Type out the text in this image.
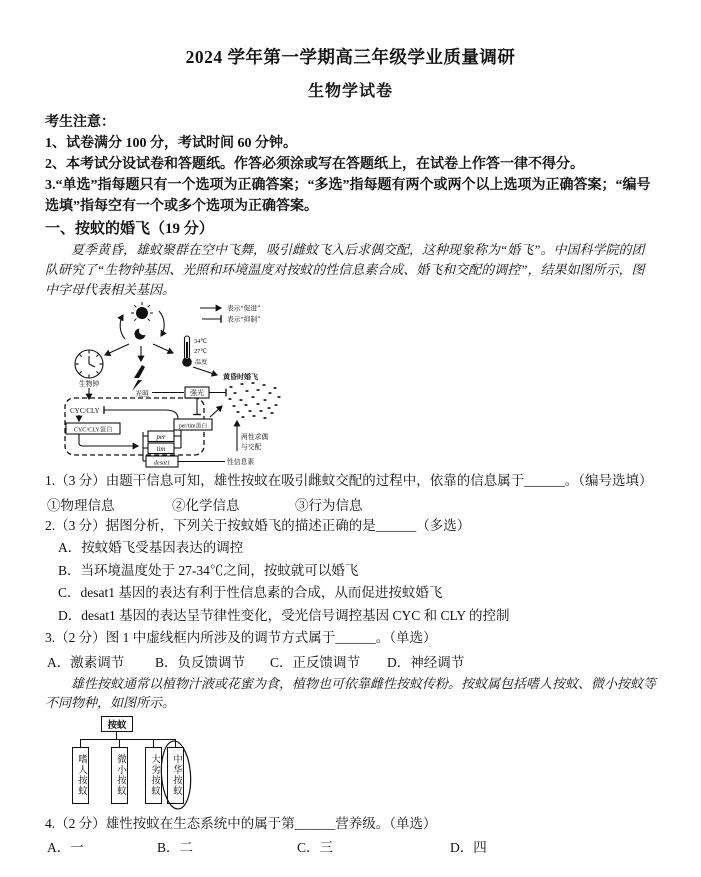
2024 学年第一学期高三年级学业质量调研
生物学试卷
考生注意：
1、试卷满分 100 分，考试时间 60 分钟。
2、本考试分设试卷和答题纸。作答必须涂或写在答题纸上，在试卷上作答一律不得分。
3.“单选”指每题只有一个选项为正确答案；“多选”指每题有两个或两个以上选项为正确答案；“编号选填”指每空有一个或多个选项为正确答案。
一、按蚊的婚飞（19 分）

夏季黄昏，雄蚊聚群在空中飞舞，吸引雌蚊飞入后求偶交配，这种现象称为“婚飞”。中国科学院的团队研究了“生物钟基因、光照和环境温度对按蚊的性信息素合成、婚飞和交配的调控”，结果如图所示，图中字母代表相关基因。

表示“促进”
表示“抑制”
生物钟
光照
34℃
27℃
温度
黄昏时婚飞
强光
CYC/CLY
CYC/CLY蛋白
per
tim
desat1
per/tim蛋白
性信息素
两性求偶
与交配
1.（3 分）由题干信息可知，雄性按蚊在吸引雌蚊交配的过程中，依靠的信息属于______。（编号选填）
①物理信息	②化学信息	③行为信息
2.（3 分）据图分析，下列关于按蚊婚飞的描述正确的是______（多选）
A．按蚊婚飞受基因表达的调控
B．当环境温度处于 27-34℃之间，按蚊就可以婚飞
C．desat1 基因的表达有利于性信息素的合成，从而促进按蚊婚飞
D．desat1 基因的表达呈节律性变化，受光信号调控基因 CYC 和 CLY 的控制
3.（2 分）图 1 中虚线框内所涉及的调节方式属于______。（单选）
A．激素调节 B．负反馈调节 C．正反馈调节 D．神经调节

雄性按蚊通常以植物汁液或花蜜为食，植物也可依靠雌性按蚊传粉。按蚊属包括嗜人按蚊、微小按蚊等不同物种，如图所示。

按蚊
嗜人按蚊	微小按蚊	大劣按蚊	中华按蚊
4.（2 分）雄性按蚊在生态系统中的属于第______营养级。（单选）
A．一	B．二	C．三	D．四
